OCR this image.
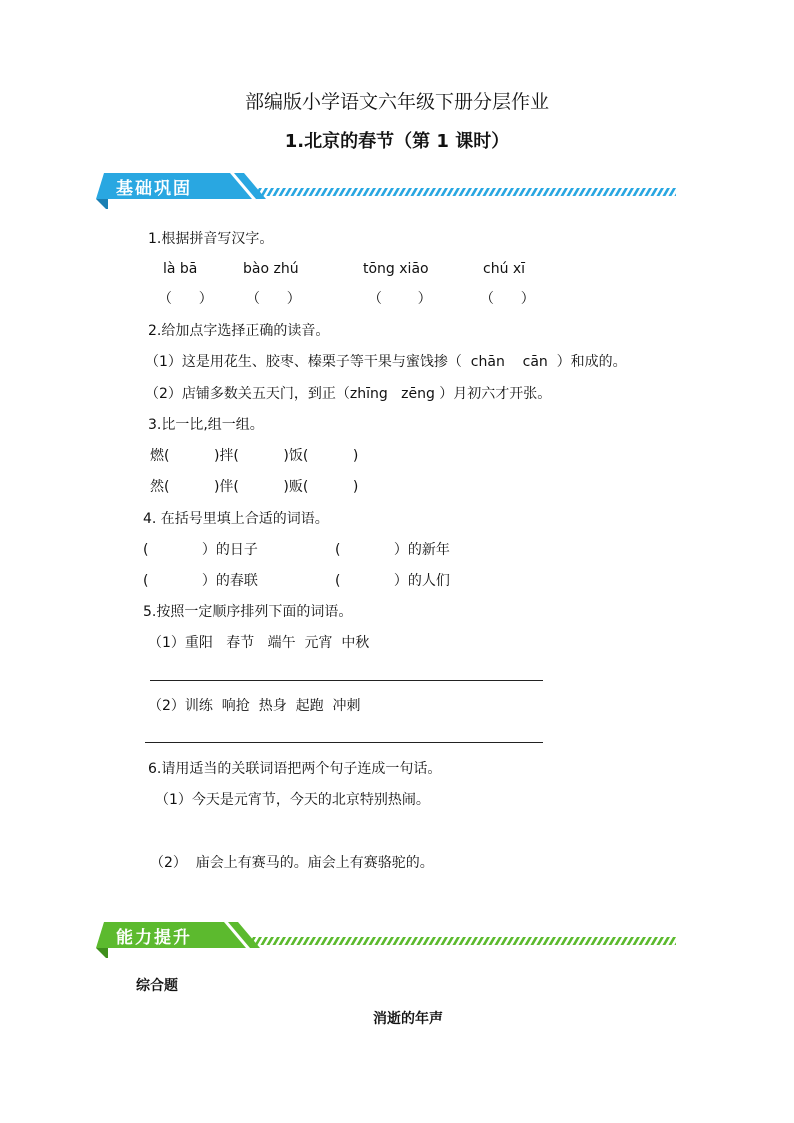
部编版小学语文六年级下册分层作业
1.北京的春节（第 1 课时）
基础巩固
1.根据拼音写汉字。
là bā	bào zhú	tōng xiāo	chú xī
（      ） （      ）	（        ）	（      ）
2.给加点字选择正确的读音。
（1）这是用花生、胶枣、榛栗子等干果与蜜饯掺（  chān    cān  ）和成的。
（2）店铺多数关五天门，到正（zhīng   zēng ）月初六才开张。
3.比一比,组一组。
燃(          )拌(          )饭(          )
然(          )伴(          )贩(          )
4. 在括号里填上合适的词语。
(            ）的日子	(            ）的新年
(            ）的春联	(            ）的人们
5.按照一定顺序排列下面的词语。
（1）重阳   春节   端午  元宵  中秋
（2）训练  响抢  热身  起跑  冲刺
6.请用适当的关联词语把两个句子连成一句话。
（1）今天是元宵节，今天的北京特别热闹。
（2）  庙会上有赛马的。庙会上有赛骆驼的。
能力提升
综合题
消逝的年声
